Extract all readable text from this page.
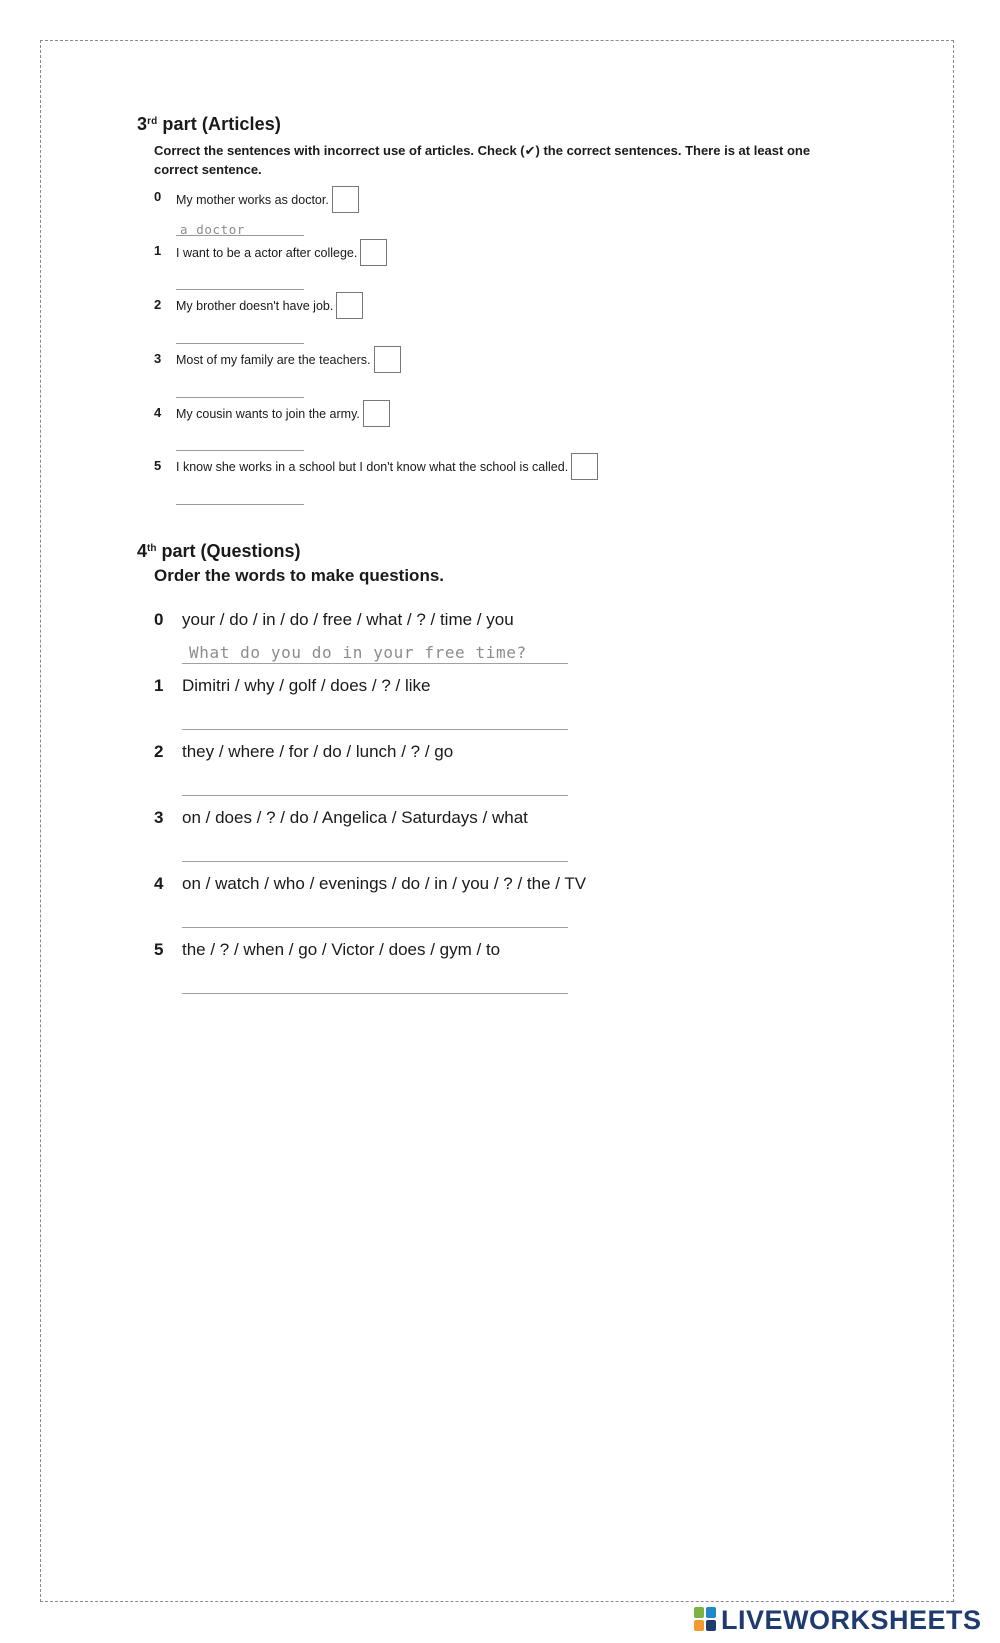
3rd part (Articles)
Correct the sentences with incorrect use of articles. Check (✔) the correct sentences. There is at least one correct sentence.
0 My mother works as doctor.
a doctor
1 I want to be a actor after college.
2 My brother doesn't have job.
3 Most of my family are the teachers.
4 My cousin wants to join the army.
5 I know she works in a school but I don't know what the school is called.
4th part (Questions)
Order the words to make questions.
0 your / do / in / do / free / what / ? / time / you
What do you do in your free time?
1 Dimitri / why / golf / does / ? / like
2 they / where / for / do / lunch / ? / go
3 on / does / ? / do / Angelica / Saturdays / what
4 on / watch / who / evenings / do / in / you / ? / the / TV
5 the / ? / when / go / Victor / does / gym / to
LIVEWORKSHEETS
